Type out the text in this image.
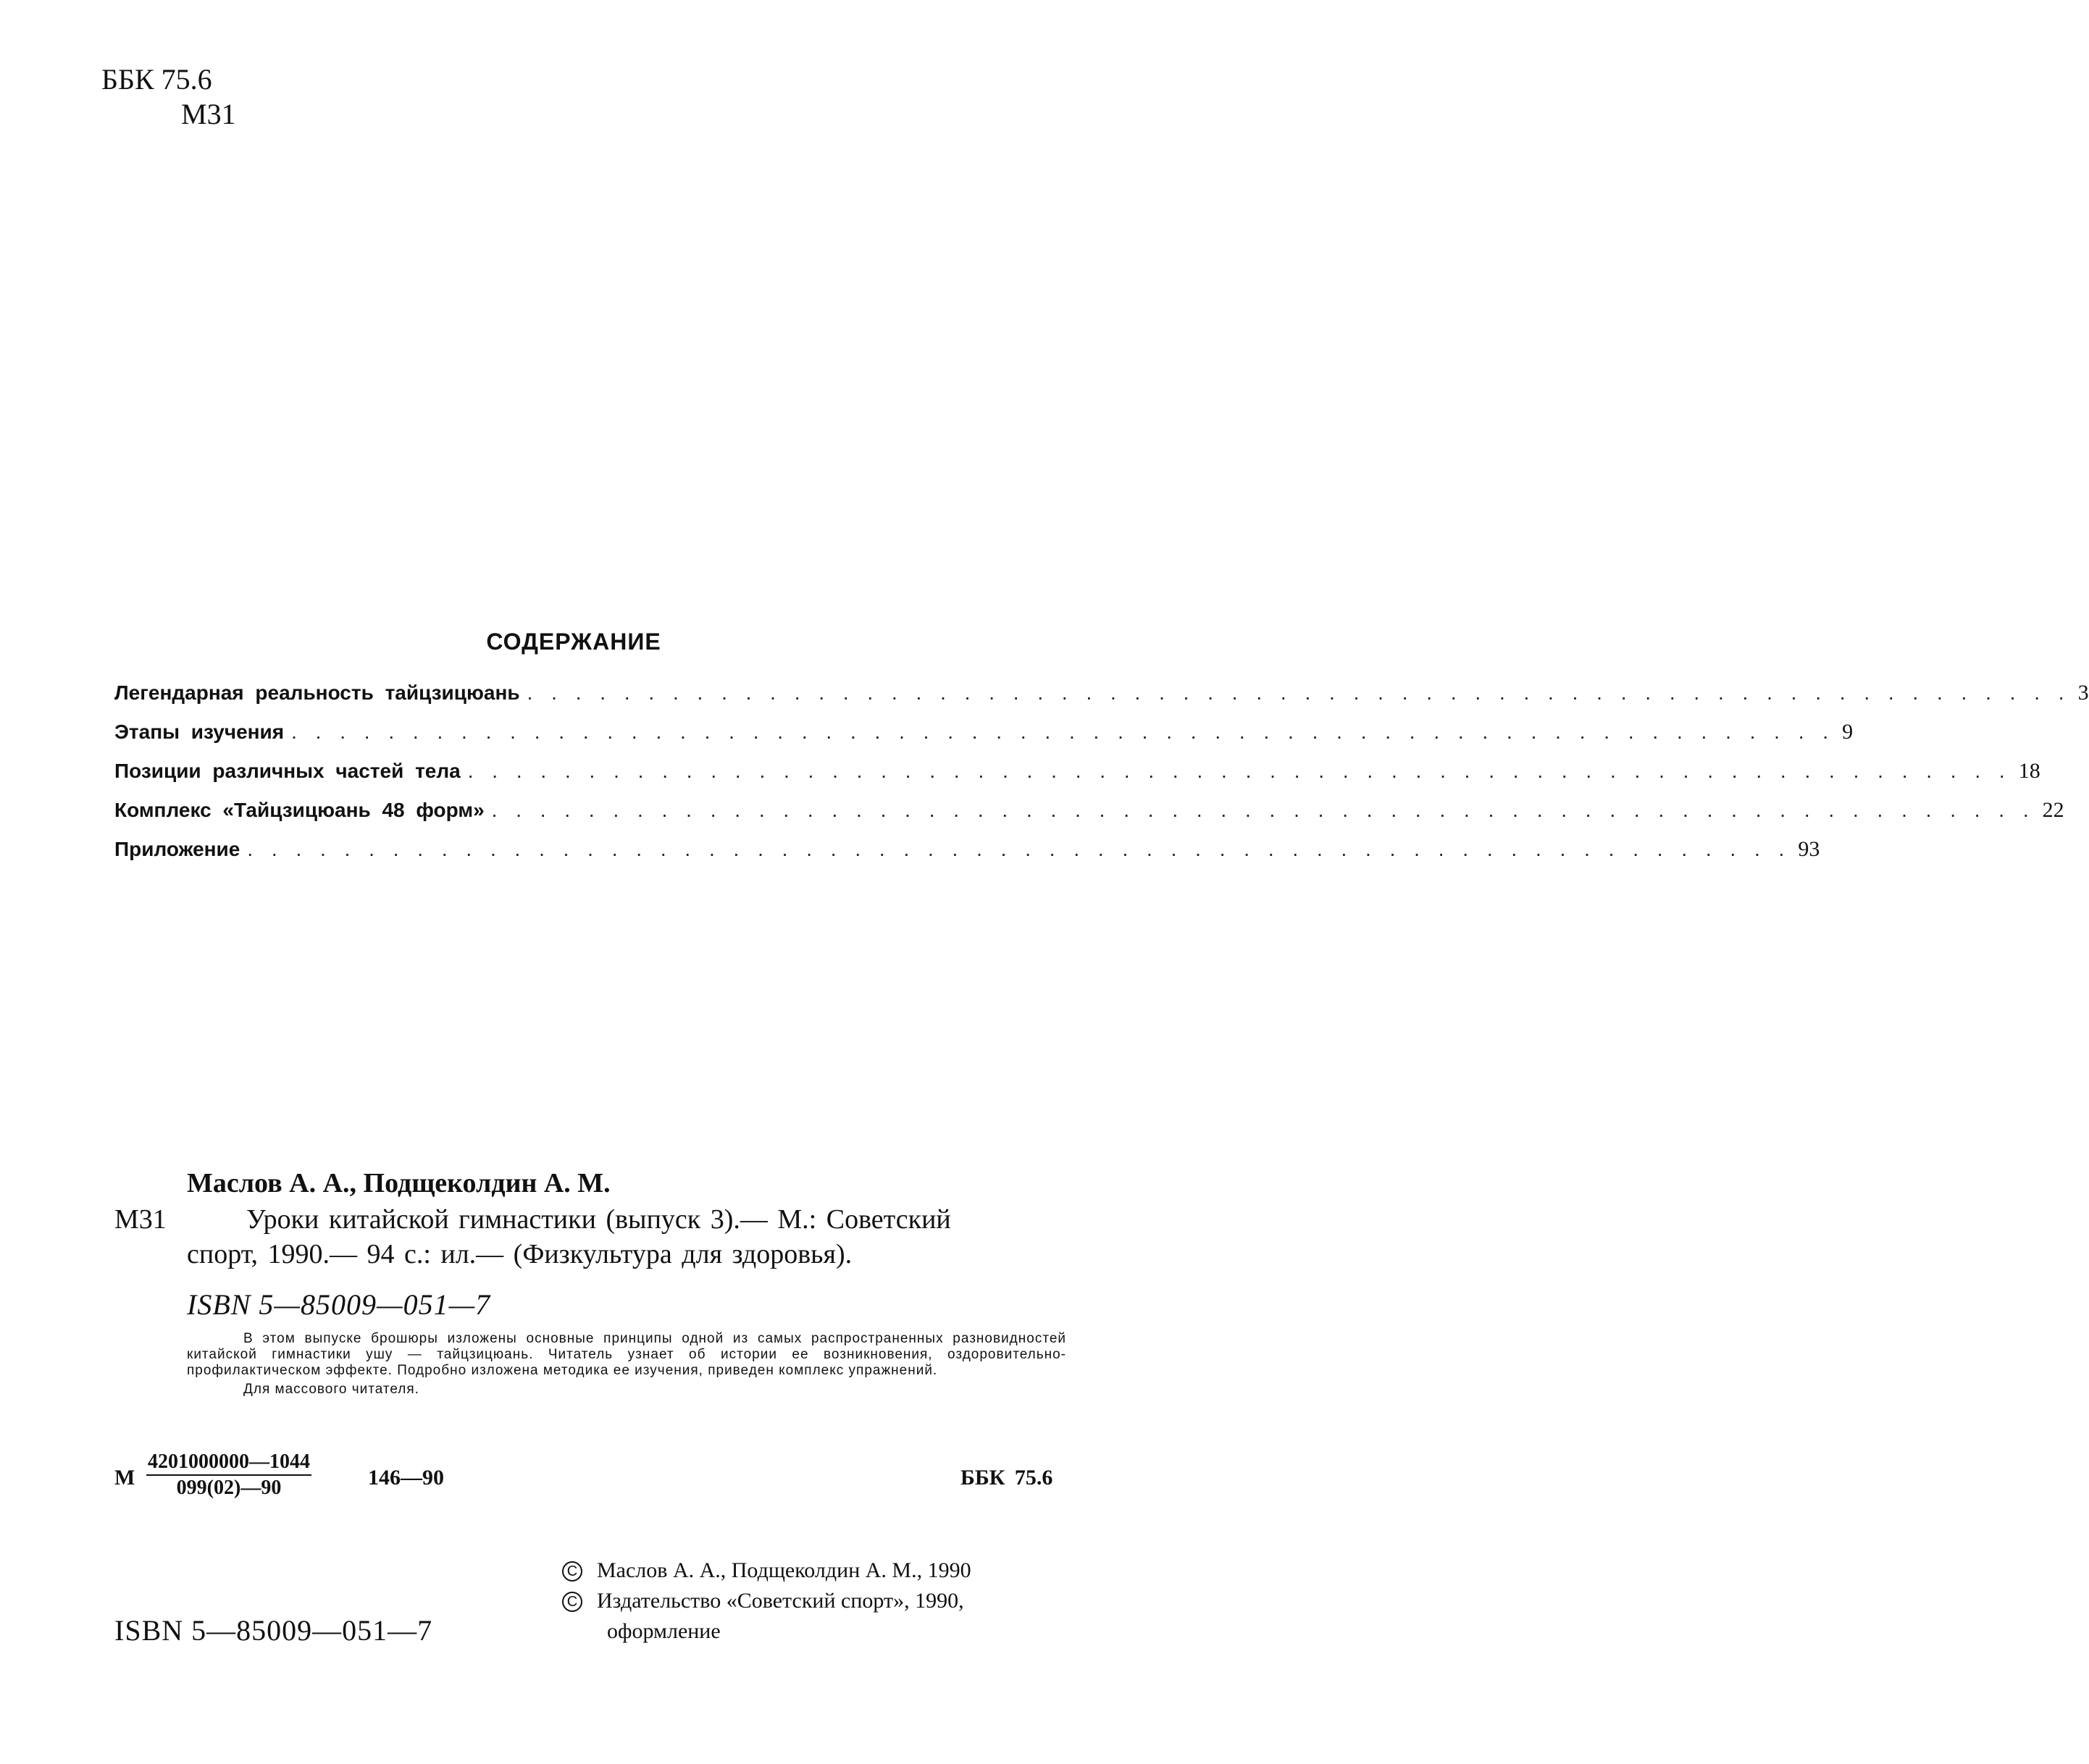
ББК 75.6
М31
СОДЕРЖАНИЕ
Легендарная реальность тайцзицюань . . . . . . . . . . . . . . . . . . . . . . . . . . . . . . . . . . . . . . . . . . . . . . . . . . . . . . . . . . . . . . . . 3
Этапы изучения . . . . . . . . . . . . . . . . . . . . . . . . . . . . . . . . . . . . . . . . . . . . . . . . . . . . . . . . . . . . . . . . 9
Позиции различных частей тела . . . . . . . . . . . . . . . . . . . . . . . . . . . . . . . . . . . . . . . . . . . . . . . . . . . . . . . . . . . . . . . . 18
Комплекс «Тайцзицюань 48 форм» . . . . . . . . . . . . . . . . . . . . . . . . . . . . . . . . . . . . . . . . . . . . . . . . . . . . . . . . . . . . . . . . 22
Приложение . . . . . . . . . . . . . . . . . . . . . . . . . . . . . . . . . . . . . . . . . . . . . . . . . . . . . . . . . . . . . . . . 93
Маслов А. А., Подщеколдин А. М.
М31	Уроки китайской гимнастики (выпуск 3).— М.: Советский
спорт, 1990.— 94 с.: ил.— (Физкультура для здоровья).
ISBN 5—85009—051—7

В этом выпуске брошюры изложены основные принципы одной из самых распространенных разновидностей китайской гимнастики ушу — тайцзицюань. Читатель узнает об истории ее возникновения, оздоровительно-профилактическом эффекте. Подробно изложена методика ее изучения, приведен комплекс упражнений.

Для массового читателя.

М $\frac{4201000000—1044}{099(02)—90}$	146—90	ББК 75.6
C Маслов А. А., Подщеколдин А. М., 1990
C Издательство «Советский спорт», 1990,
оформление
ISBN 5—85009—051—7
